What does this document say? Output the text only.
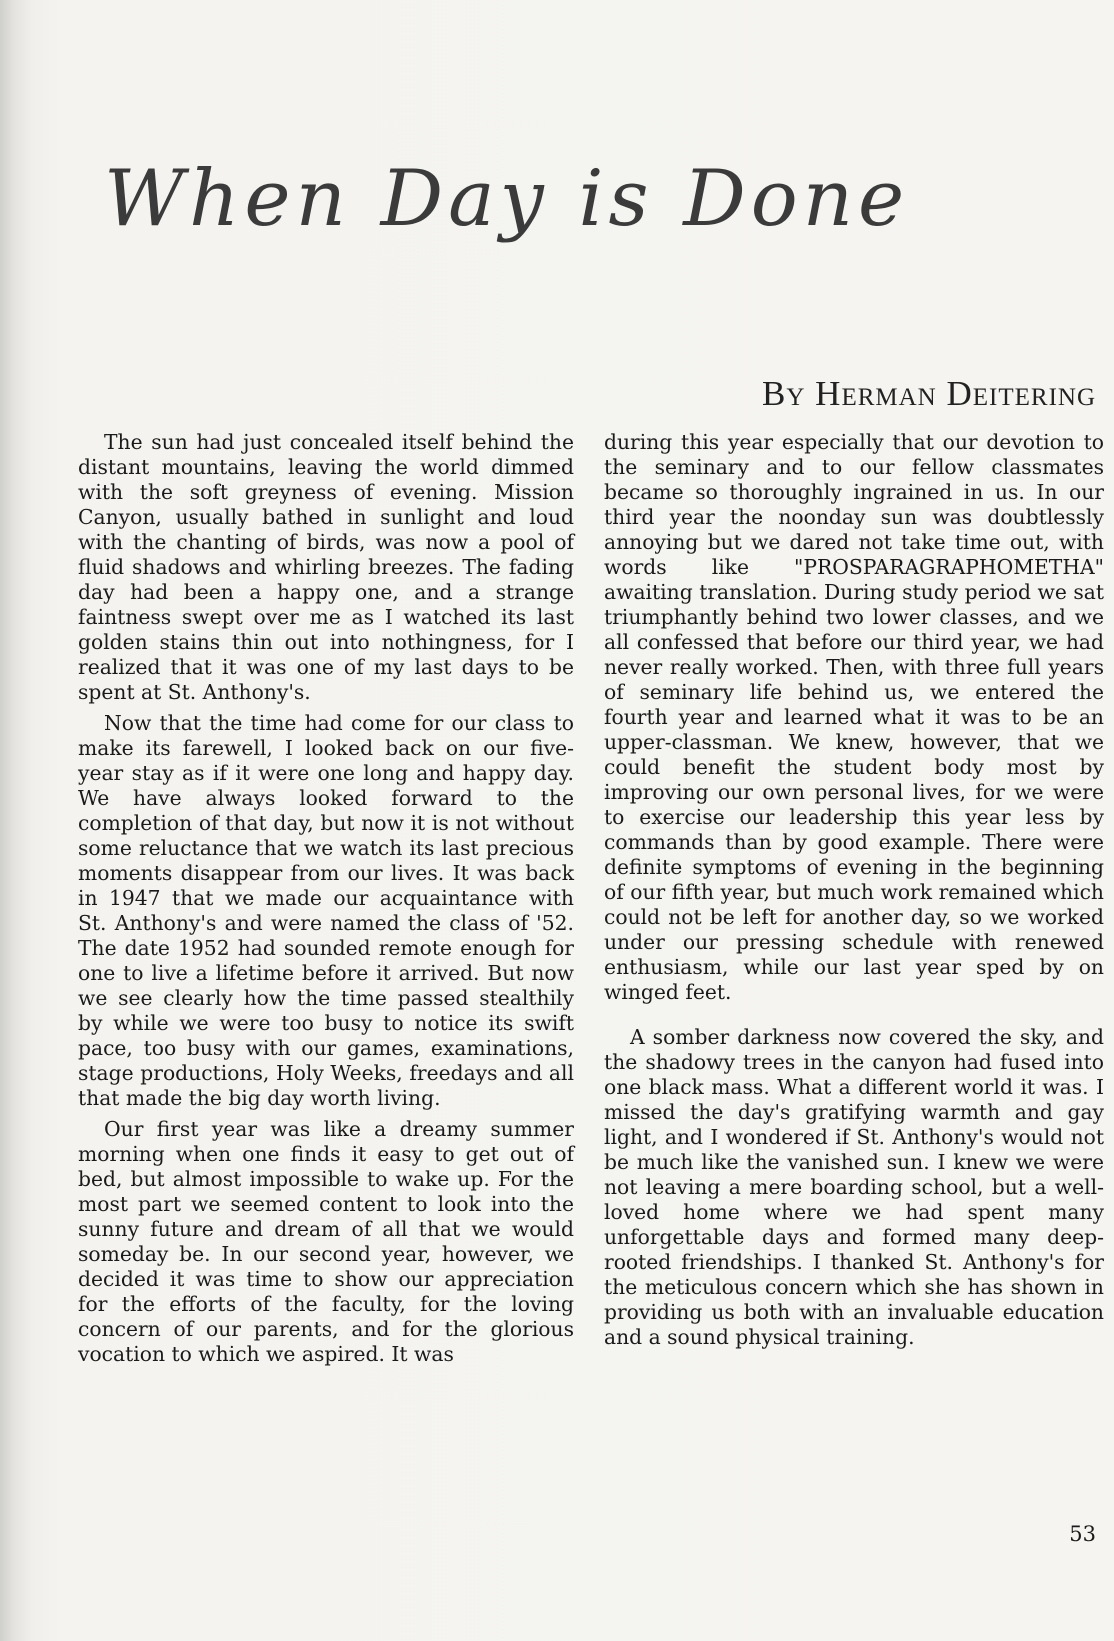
When Day is Done
By Herman Deitering

The sun had just concealed itself behind the distant mountains, leaving the world dimmed with the soft greyness of evening. Mission Canyon, usually bathed in sunlight and loud with the chanting of birds, was now a pool of fluid shadows and whirling breezes. The fading day had been a happy one, and a strange faintness swept over me as I watched its last golden stains thin out into nothingness, for I realized that it was one of my last days to be spent at St. Anthony's.

Now that the time had come for our class to make its farewell, I looked back on our five-year stay as if it were one long and happy day. We have always looked forward to the completion of that day, but now it is not without some reluctance that we watch its last precious moments disappear from our lives. It was back in 1947 that we made our acquaintance with St. Anthony's and were named the class of '52. The date 1952 had sounded remote enough for one to live a lifetime before it arrived. But now we see clearly how the time passed stealthily by while we were too busy to notice its swift pace, too busy with our games, examinations, stage productions, Holy Weeks, freedays and all that made the big day worth living.

Our first year was like a dreamy summer morning when one finds it easy to get out of bed, but almost impossible to wake up. For the most part we seemed content to look into the sunny future and dream of all that we would someday be. In our second year, however, we decided it was time to show our appreciation for the efforts of the faculty, for the loving concern of our parents, and for the glorious vocation to which we aspired. It was

during this year especially that our devotion to the seminary and to our fellow classmates became so thoroughly ingrained in us. In our third year the noonday sun was doubtlessly annoying but we dared not take time out, with words like "PROSPARAGRAPHOMETHA" awaiting translation. During study period we sat triumphantly behind two lower classes, and we all confessed that before our third year, we had never really worked. Then, with three full years of seminary life behind us, we entered the fourth year and learned what it was to be an upper-classman. We knew, however, that we could benefit the student body most by improving our own personal lives, for we were to exercise our leadership this year less by commands than by good example. There were definite symptoms of evening in the beginning of our fifth year, but much work remained which could not be left for another day, so we worked under our pressing schedule with renewed enthusiasm, while our last year sped by on winged feet.

A somber darkness now covered the sky, and the shadowy trees in the canyon had fused into one black mass. What a different world it was. I missed the day's gratifying warmth and gay light, and I wondered if St. Anthony's would not be much like the vanished sun. I knew we were not leaving a mere boarding school, but a well-loved home where we had spent many unforgettable days and formed many deep-rooted friendships. I thanked St. Anthony's for the meticulous concern which she has shown in providing us both with an invaluable education and a sound physical training.

53
